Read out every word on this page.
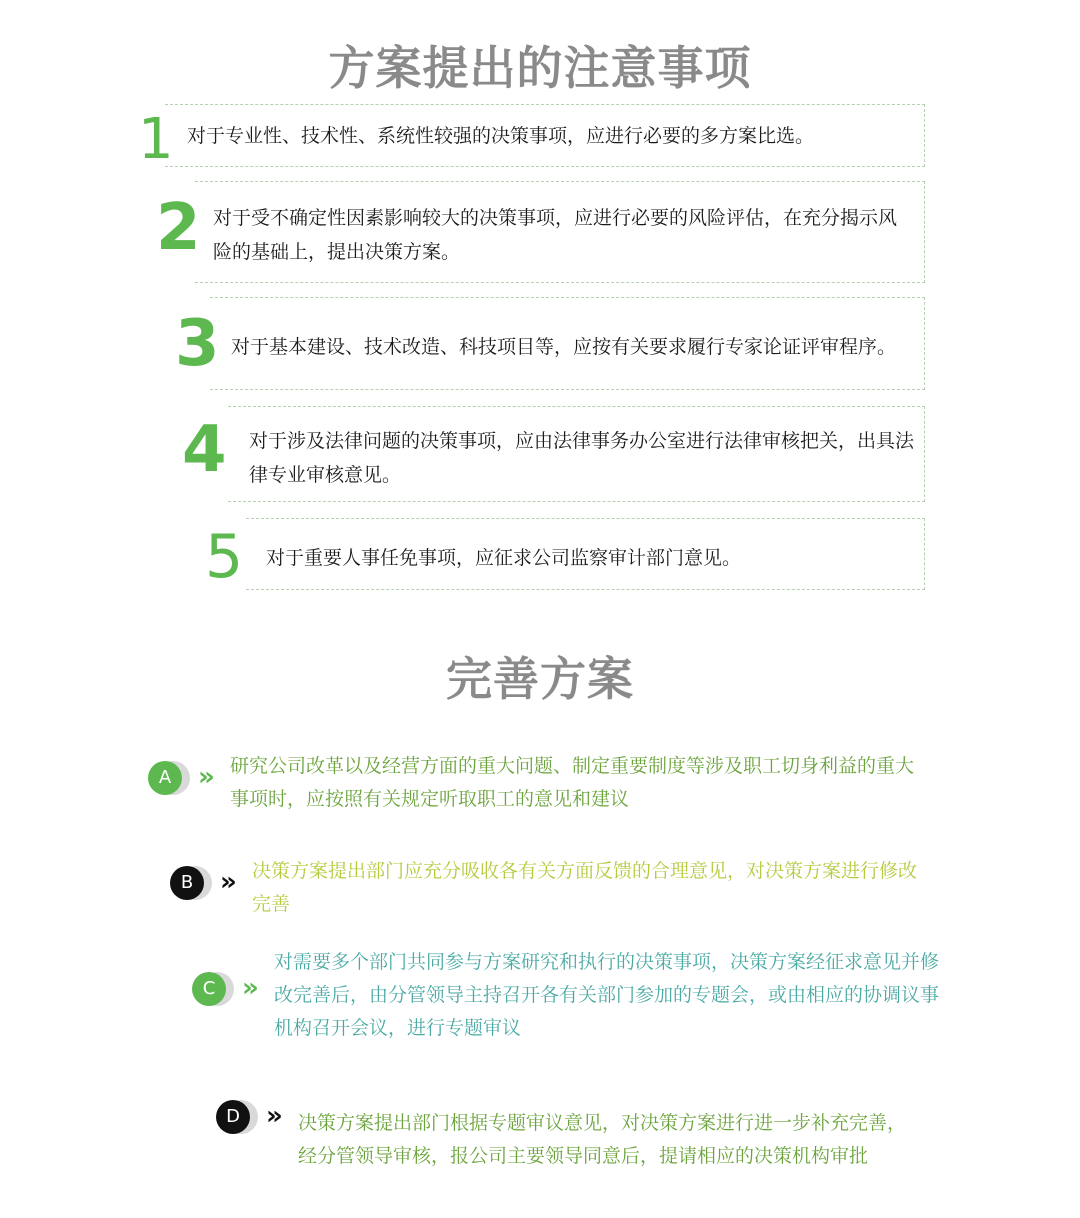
方案提出的注意事项
1 对于专业性、技术性、系统性较强的决策事项，应进行必要的多方案比选。
2 对于受不确定性因素影响较大的决策事项，应进行必要的风险评估，在充分揭示风险的基础上，提出决策方案。
3 对于基本建设、技术改造、科技项目等，应按有关要求履行专家论证评审程序。
4 对于涉及法律问题的决策事项，应由法律事务办公室进行法律审核把关，出具法律专业审核意见。
5 对于重要人事任免事项，应征求公司监察审计部门意见。
完善方案
A	» 研究公司改革以及经营方面的重大问题、制定重要制度等涉及职工切身利益的重大事项时，应按照有关规定听取职工的意见和建议
B	» 决策方案提出部门应充分吸收各有关方面反馈的合理意见，对决策方案进行修改完善
C	»
对需要多个部门共同参与方案研究和执行的决策事项，决策方案经征求意见并修改完善后，由分管领导主持召开各有关部门参加的专题会，或由相应的协调议事机构召开会议，进行专题审议
D	» 决策方案提出部门根据专题审议意见，对决策方案进行进一步补充完善，经分管领导审核，报公司主要领导同意后，提请相应的决策机构审批
